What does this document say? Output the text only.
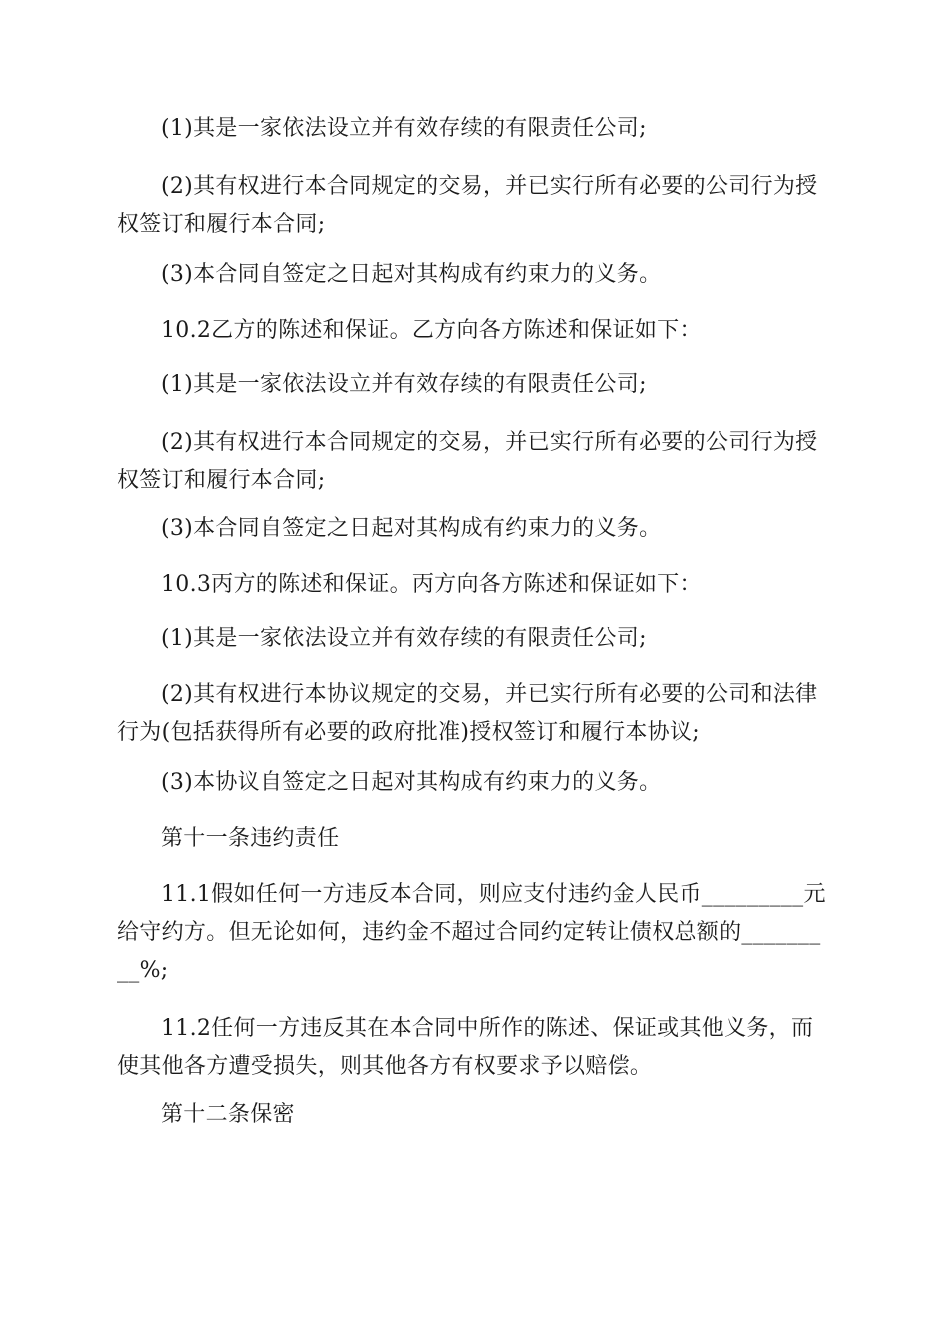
(1)其是一家依法设立并有效存续的有限责任公司;

(2)其有权进行本合同规定的交易，并已实行所有必要的公司行为授权签订和履行本合同;

(3)本合同自签定之日起对其构成有约束力的义务。

10.2乙方的陈述和保证。乙方向各方陈述和保证如下：

(1)其是一家依法设立并有效存续的有限责任公司;

(2)其有权进行本合同规定的交易，并已实行所有必要的公司行为授权签订和履行本合同;

(3)本合同自签定之日起对其构成有约束力的义务。

10.3丙方的陈述和保证。丙方向各方陈述和保证如下：

(1)其是一家依法设立并有效存续的有限责任公司;

(2)其有权进行本协议规定的交易，并已实行所有必要的公司和法律行为(包括获得所有必要的政府批准)授权签订和履行本协议;

(3)本协议自签定之日起对其构成有约束力的义务。

第十一条违约责任

11.1假如任何一方违反本合同，则应支付违约金人民币_________元给守约方。但无论如何，违约金不超过合同约定转让债权总额的_________%;

11.2任何一方违反其在本合同中所作的陈述、保证或其他义务，而使其他各方遭受损失，则其他各方有权要求予以赔偿。

第十二条保密
